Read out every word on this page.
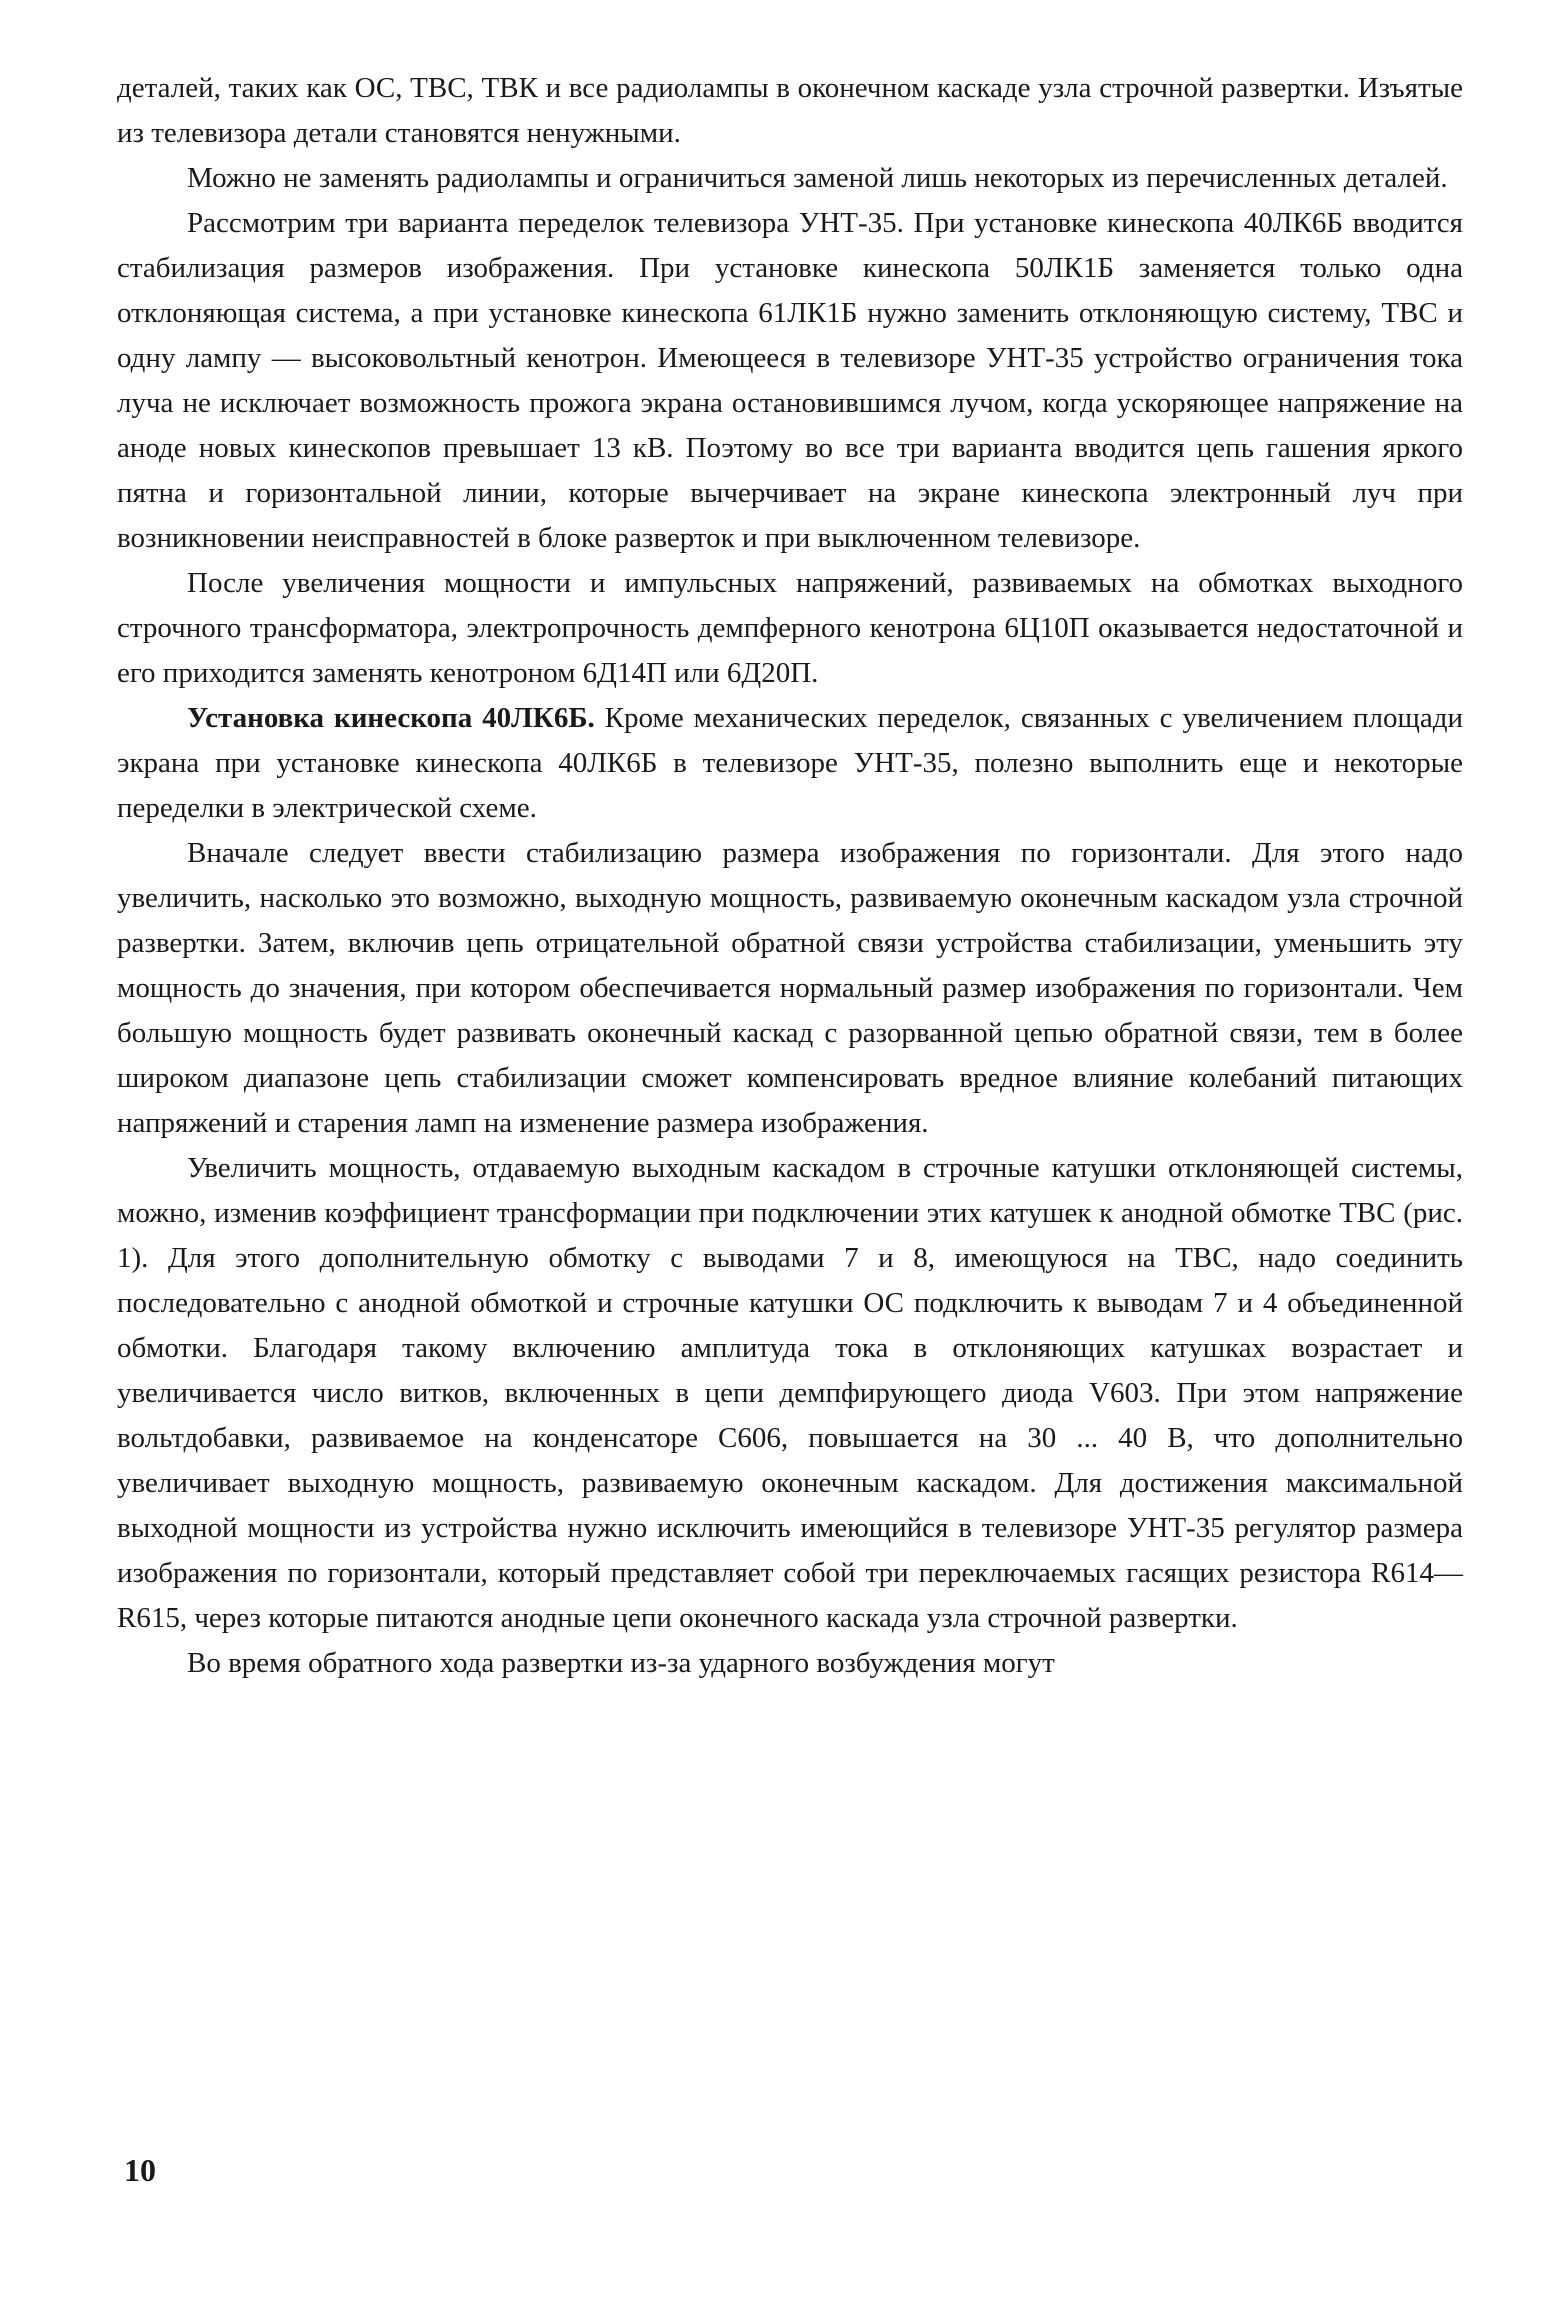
деталей, таких как ОС, ТВС, ТВК и все радиолампы в оконечном каскаде узла строчной развертки. Изъятые из телевизора детали становятся ненужными.

Можно не заменять радиолампы и ограничиться заменой лишь некоторых из перечисленных деталей.

Рассмотрим три варианта переделок телевизора УНТ-35. При установке кинескопа 40ЛК6Б вводится стабилизация размеров изображения. При установке кинескопа 50ЛК1Б заменяется только одна отклоняющая система, а при установке кинескопа 61ЛК1Б нужно заменить отклоняющую систему, ТВС и одну лампу — высоковольтный кенотрон. Имеющееся в телевизоре УНТ-35 устройство ограничения тока луча не исключает возможность прожога экрана остановившимся лучом, когда ускоряющее напряжение на аноде новых кинескопов превышает 13 кВ. Поэтому во все три варианта вводится цепь гашения яркого пятна и горизонтальной линии, которые вычерчивает на экране кинескопа электронный луч при возникновении неисправностей в блоке разверток и при выключенном телевизоре.

После увеличения мощности и импульсных напряжений, развиваемых на обмотках выходного строчного трансформатора, электропрочность демпферного кенотрона 6Ц10П оказывается недостаточной и его приходится заменять кенотроном 6Д14П или 6Д20П.

Установка кинескопа 40ЛК6Б. Кроме механических переделок, связанных с увеличением площади экрана при установке кинескопа 40ЛК6Б в телевизоре УНТ-35, полезно выполнить еще и некоторые переделки в электрической схеме.

Вначале следует ввести стабилизацию размера изображения по горизонтали. Для этого надо увеличить, насколько это возможно, выходную мощность, развиваемую оконечным каскадом узла строчной развертки. Затем, включив цепь отрицательной обратной связи устройства стабилизации, уменьшить эту мощность до значения, при котором обеспечивается нормальный размер изображения по горизонтали. Чем большую мощность будет развивать оконечный каскад с разорванной цепью обратной связи, тем в более широком диапазоне цепь стабилизации сможет компенсировать вредное влияние колебаний питающих напряжений и старения ламп на изменение размера изображения.

Увеличить мощность, отдаваемую выходным каскадом в строчные катушки отклоняющей системы, можно, изменив коэффициент трансформации при подключении этих катушек к анодной обмотке ТВС (рис. 1). Для этого дополнительную обмотку с выводами 7 и 8, имеющуюся на ТВС, надо соединить последовательно с анодной обмоткой и строчные катушки ОС подключить к выводам 7 и 4 объединенной обмотки. Благодаря такому включению амплитуда тока в отклоняющих катушках возрастает и увеличивается число витков, включенных в цепи демпфирующего диода V603. При этом напряжение вольтдобавки, развиваемое на конденсаторе С606, повышается на 30 ... 40 В, что дополнительно увеличивает выходную мощность, развиваемую оконечным каскадом. Для достижения максимальной выходной мощности из устройства нужно исключить имеющийся в телевизоре УНТ-35 регулятор размера изображения по горизонтали, который представляет собой три переключаемых гасящих резистора R614—R615, через которые питаются анодные цепи оконечного каскада узла строчной развертки.

Во время обратного хода развертки из-за ударного возбуждения могут

10
